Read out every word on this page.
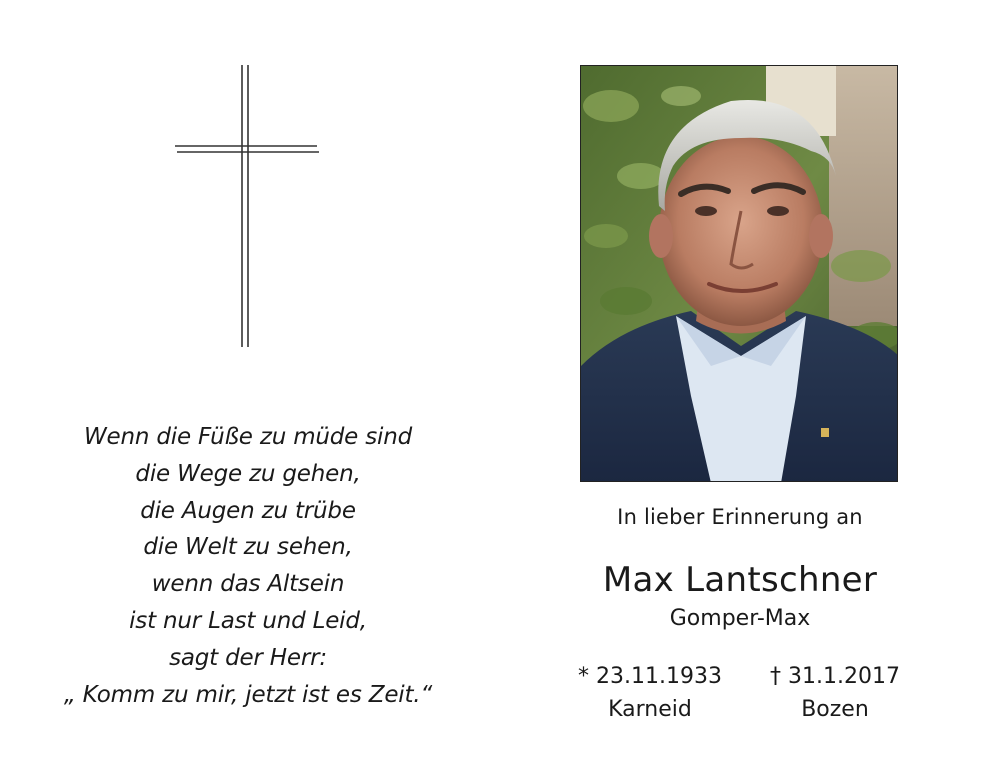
Wenn die Füße zu müde sind
die Wege zu gehen,
die Augen zu trübe
die Welt zu sehen,
wenn das Altsein
ist nur Last und Leid,
sagt der Herr:
„ Komm zu mir, jetzt ist es Zeit.“
In lieber Erinnerung an
Max Lantschner
Gomper-Max
* 23.11.1933
Karneid
† 31.1.2017
Bozen
